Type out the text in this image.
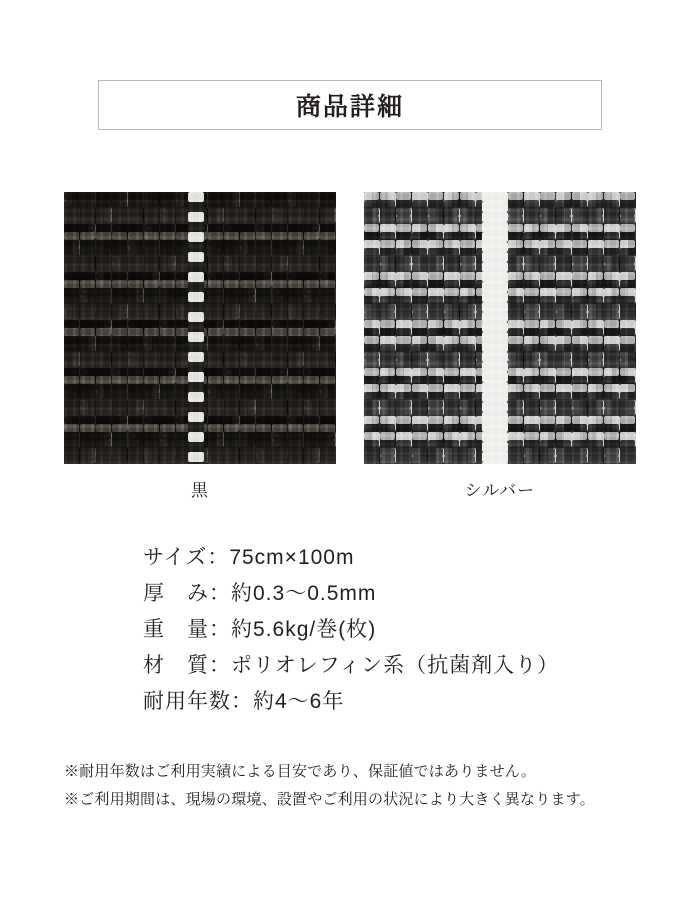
商品詳細
黒	シルバー
サイズ：75cm×100m
厚　み：約0.3〜0.5mm
重　量：約5.6kg/巻(枚)
材　質：ポリオレフィン系（抗菌剤入り）
耐用年数：約4〜6年
※耐用年数はご利用実績による目安であり、保証値ではありません。
※ご利用期間は、現場の環境、設置やご利用の状況により大きく異なります。
